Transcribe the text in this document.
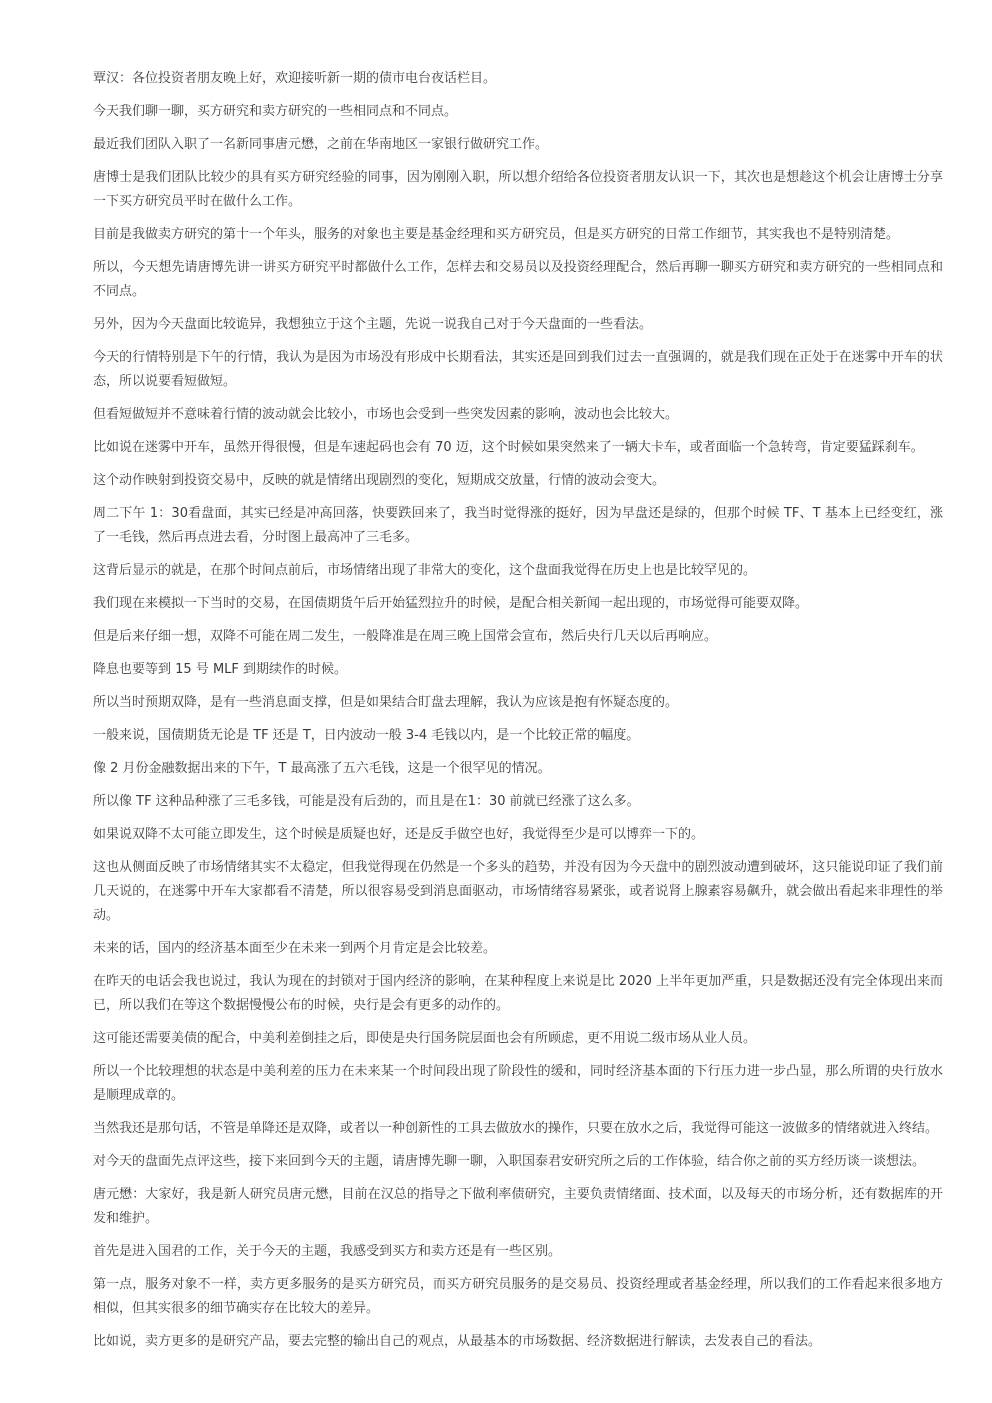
覃汉：各位投资者朋友晚上好，欢迎接听新一期的债市电台夜话栏目。

今天我们聊一聊，买方研究和卖方研究的一些相同点和不同点。

最近我们团队入职了一名新同事唐元懋，之前在华南地区一家银行做研究工作。

唐博士是我们团队比较少的具有买方研究经验的同事，因为刚刚入职，所以想介绍给各位投资者朋友认识一下，其次也是想趁这个机会让唐博士分享一下买方研究员平时在做什么工作。

目前是我做卖方研究的第十一个年头，服务的对象也主要是基金经理和买方研究员，但是买方研究的日常工作细节，其实我也不是特别清楚。

所以，今天想先请唐博先讲一讲买方研究平时都做什么工作，怎样去和交易员以及投资经理配合，然后再聊一聊买方研究和卖方研究的一些相同点和不同点。

另外，因为今天盘面比较诡异，我想独立于这个主题，先说一说我自己对于今天盘面的一些看法。

今天的行情特别是下午的行情，我认为是因为市场没有形成中长期看法，其实还是回到我们过去一直强调的，就是我们现在正处于在迷雾中开车的状态，所以说要看短做短。

但看短做短并不意味着行情的波动就会比较小，市场也会受到一些突发因素的影响，波动也会比较大。

比如说在迷雾中开车，虽然开得很慢，但是车速起码也会有 70 迈，这个时候如果突然来了一辆大卡车，或者面临一个急转弯，肯定要猛踩刹车。

这个动作映射到投资交易中，反映的就是情绪出现剧烈的变化，短期成交放量，行情的波动会变大。

周二下午 1：30看盘面，其实已经是冲高回落，快要跌回来了，我当时觉得涨的挺好，因为早盘还是绿的，但那个时候 TF、T 基本上已经变红，涨了一毛钱，然后再点进去看，分时图上最高冲了三毛多。

这背后显示的就是，在那个时间点前后，市场情绪出现了非常大的变化，这个盘面我觉得在历史上也是比较罕见的。

我们现在来模拟一下当时的交易，在国债期货午后开始猛烈拉升的时候，是配合相关新闻一起出现的，市场觉得可能要双降。

但是后来仔细一想，双降不可能在周二发生，一般降准是在周三晚上国常会宣布，然后央行几天以后再响应。

降息也要等到 15 号 MLF 到期续作的时候。

所以当时预期双降，是有一些消息面支撑，但是如果结合盯盘去理解，我认为应该是抱有怀疑态度的。

一般来说，国债期货无论是 TF 还是 T，日内波动一般 3-4 毛钱以内，是一个比较正常的幅度。

像 2 月份金融数据出来的下午，T 最高涨了五六毛钱，这是一个很罕见的情况。

所以像 TF 这种品种涨了三毛多钱，可能是没有后劲的，而且是在1：30 前就已经涨了这么多。

如果说双降不太可能立即发生，这个时候是质疑也好，还是反手做空也好，我觉得至少是可以博弈一下的。

这也从侧面反映了市场情绪其实不太稳定，但我觉得现在仍然是一个多头的趋势，并没有因为今天盘中的剧烈波动遭到破坏，这只能说印证了我们前几天说的，在迷雾中开车大家都看不清楚，所以很容易受到消息面驱动，市场情绪容易紧张，或者说肾上腺素容易飙升，就会做出看起来非理性的举动。

未来的话，国内的经济基本面至少在未来一到两个月肯定是会比较差。

在昨天的电话会我也说过，我认为现在的封锁对于国内经济的影响，在某种程度上来说是比 2020 上半年更加严重，只是数据还没有完全体现出来而已，所以我们在等这个数据慢慢公布的时候，央行是会有更多的动作的。

这可能还需要美债的配合，中美利差倒挂之后，即使是央行国务院层面也会有所顾虑，更不用说二级市场从业人员。

所以一个比较理想的状态是中美利差的压力在未来某一个时间段出现了阶段性的缓和，同时经济基本面的下行压力进一步凸显，那么所谓的央行放水是顺理成章的。

当然我还是那句话，不管是单降还是双降，或者以一种创新性的工具去做放水的操作，只要在放水之后，我觉得可能这一波做多的情绪就进入终结。

对今天的盘面先点评这些，接下来回到今天的主题，请唐博先聊一聊，入职国泰君安研究所之后的工作体验，结合你之前的买方经历谈一谈想法。

唐元懋：大家好，我是新人研究员唐元懋，目前在汉总的指导之下做利率债研究，主要负责情绪面、技术面，以及每天的市场分析，还有数据库的开发和维护。

首先是进入国君的工作，关于今天的主题，我感受到买方和卖方还是有一些区别。

第一点，服务对象不一样，卖方更多服务的是买方研究员，而买方研究员服务的是交易员、投资经理或者基金经理，所以我们的工作看起来很多地方相似，但其实很多的细节确实存在比较大的差异。

比如说，卖方更多的是研究产品，要去完整的输出自己的观点，从最基本的市场数据、经济数据进行解读，去发表自己的看法。
